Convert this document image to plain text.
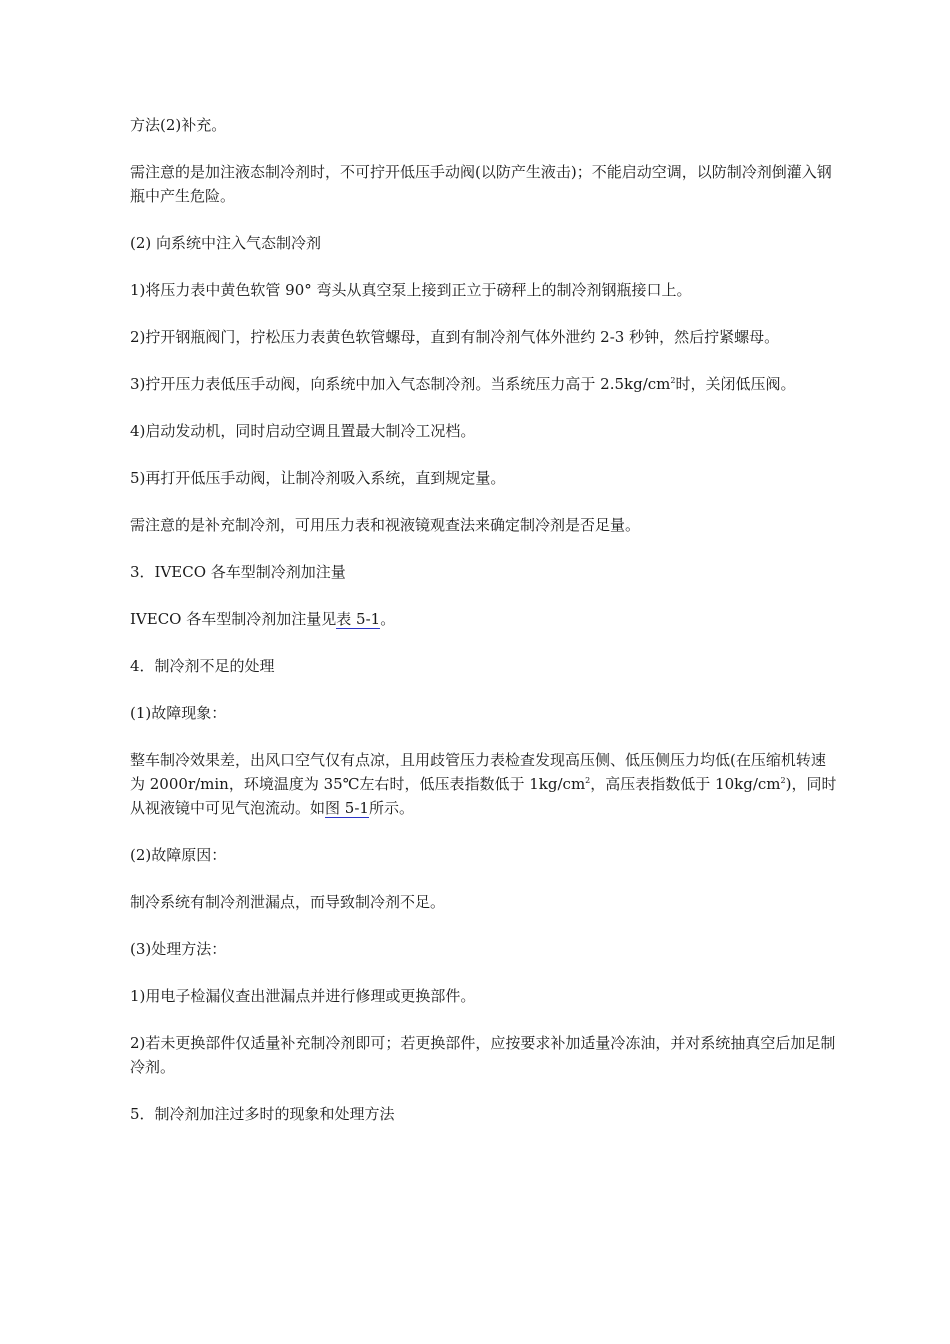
方法(2)补充。

需注意的是加注液态制冷剂时，不可拧开低压手动阀(以防产生液击)；不能启动空调，以防制冷剂倒灌入钢瓶中产生危险。

(2) 向系统中注入气态制冷剂

1)将压力表中黄色软管 90° 弯头从真空泵上接到正立于磅秤上的制冷剂钢瓶接口上。

2)拧开钢瓶阀门，拧松压力表黄色软管螺母，直到有制冷剂气体外泄约 2-3 秒钟，然后拧紧螺母。

3)拧开压力表低压手动阀，向系统中加入气态制冷剂。当系统压力高于 $2.5kg/cm^2$时，关闭低压阀。

4)启动发动机，同时启动空调且置最大制冷工况档。

5)再打开低压手动阀，让制冷剂吸入系统，直到规定量。

需注意的是补充制冷剂，可用压力表和视液镜观查法来确定制冷剂是否足量。

3．IVECO 各车型制冷剂加注量

IVECO 各车型制冷剂加注量见表 5-1。

4．制冷剂不足的处理

(1)故障现象：

整车制冷效果差，出风口空气仅有点凉，且用歧管压力表检查发现高压侧、低压侧压力均低(在压缩机转速为 2000r/min，环境温度为 35℃左右时，低压表指数低于 $1kg/cm^2$，高压表指数低于 $10kg/cm^2$)，同时从视液镜中可见气泡流动。如图 5-1所示。

(2)故障原因：

制冷系统有制冷剂泄漏点，而导致制冷剂不足。

(3)处理方法：

1)用电子检漏仪查出泄漏点并进行修理或更换部件。

2)若未更换部件仅适量补充制冷剂即可；若更换部件，应按要求补加适量冷冻油，并对系统抽真空后加足制冷剂。

5．制冷剂加注过多时的现象和处理方法
